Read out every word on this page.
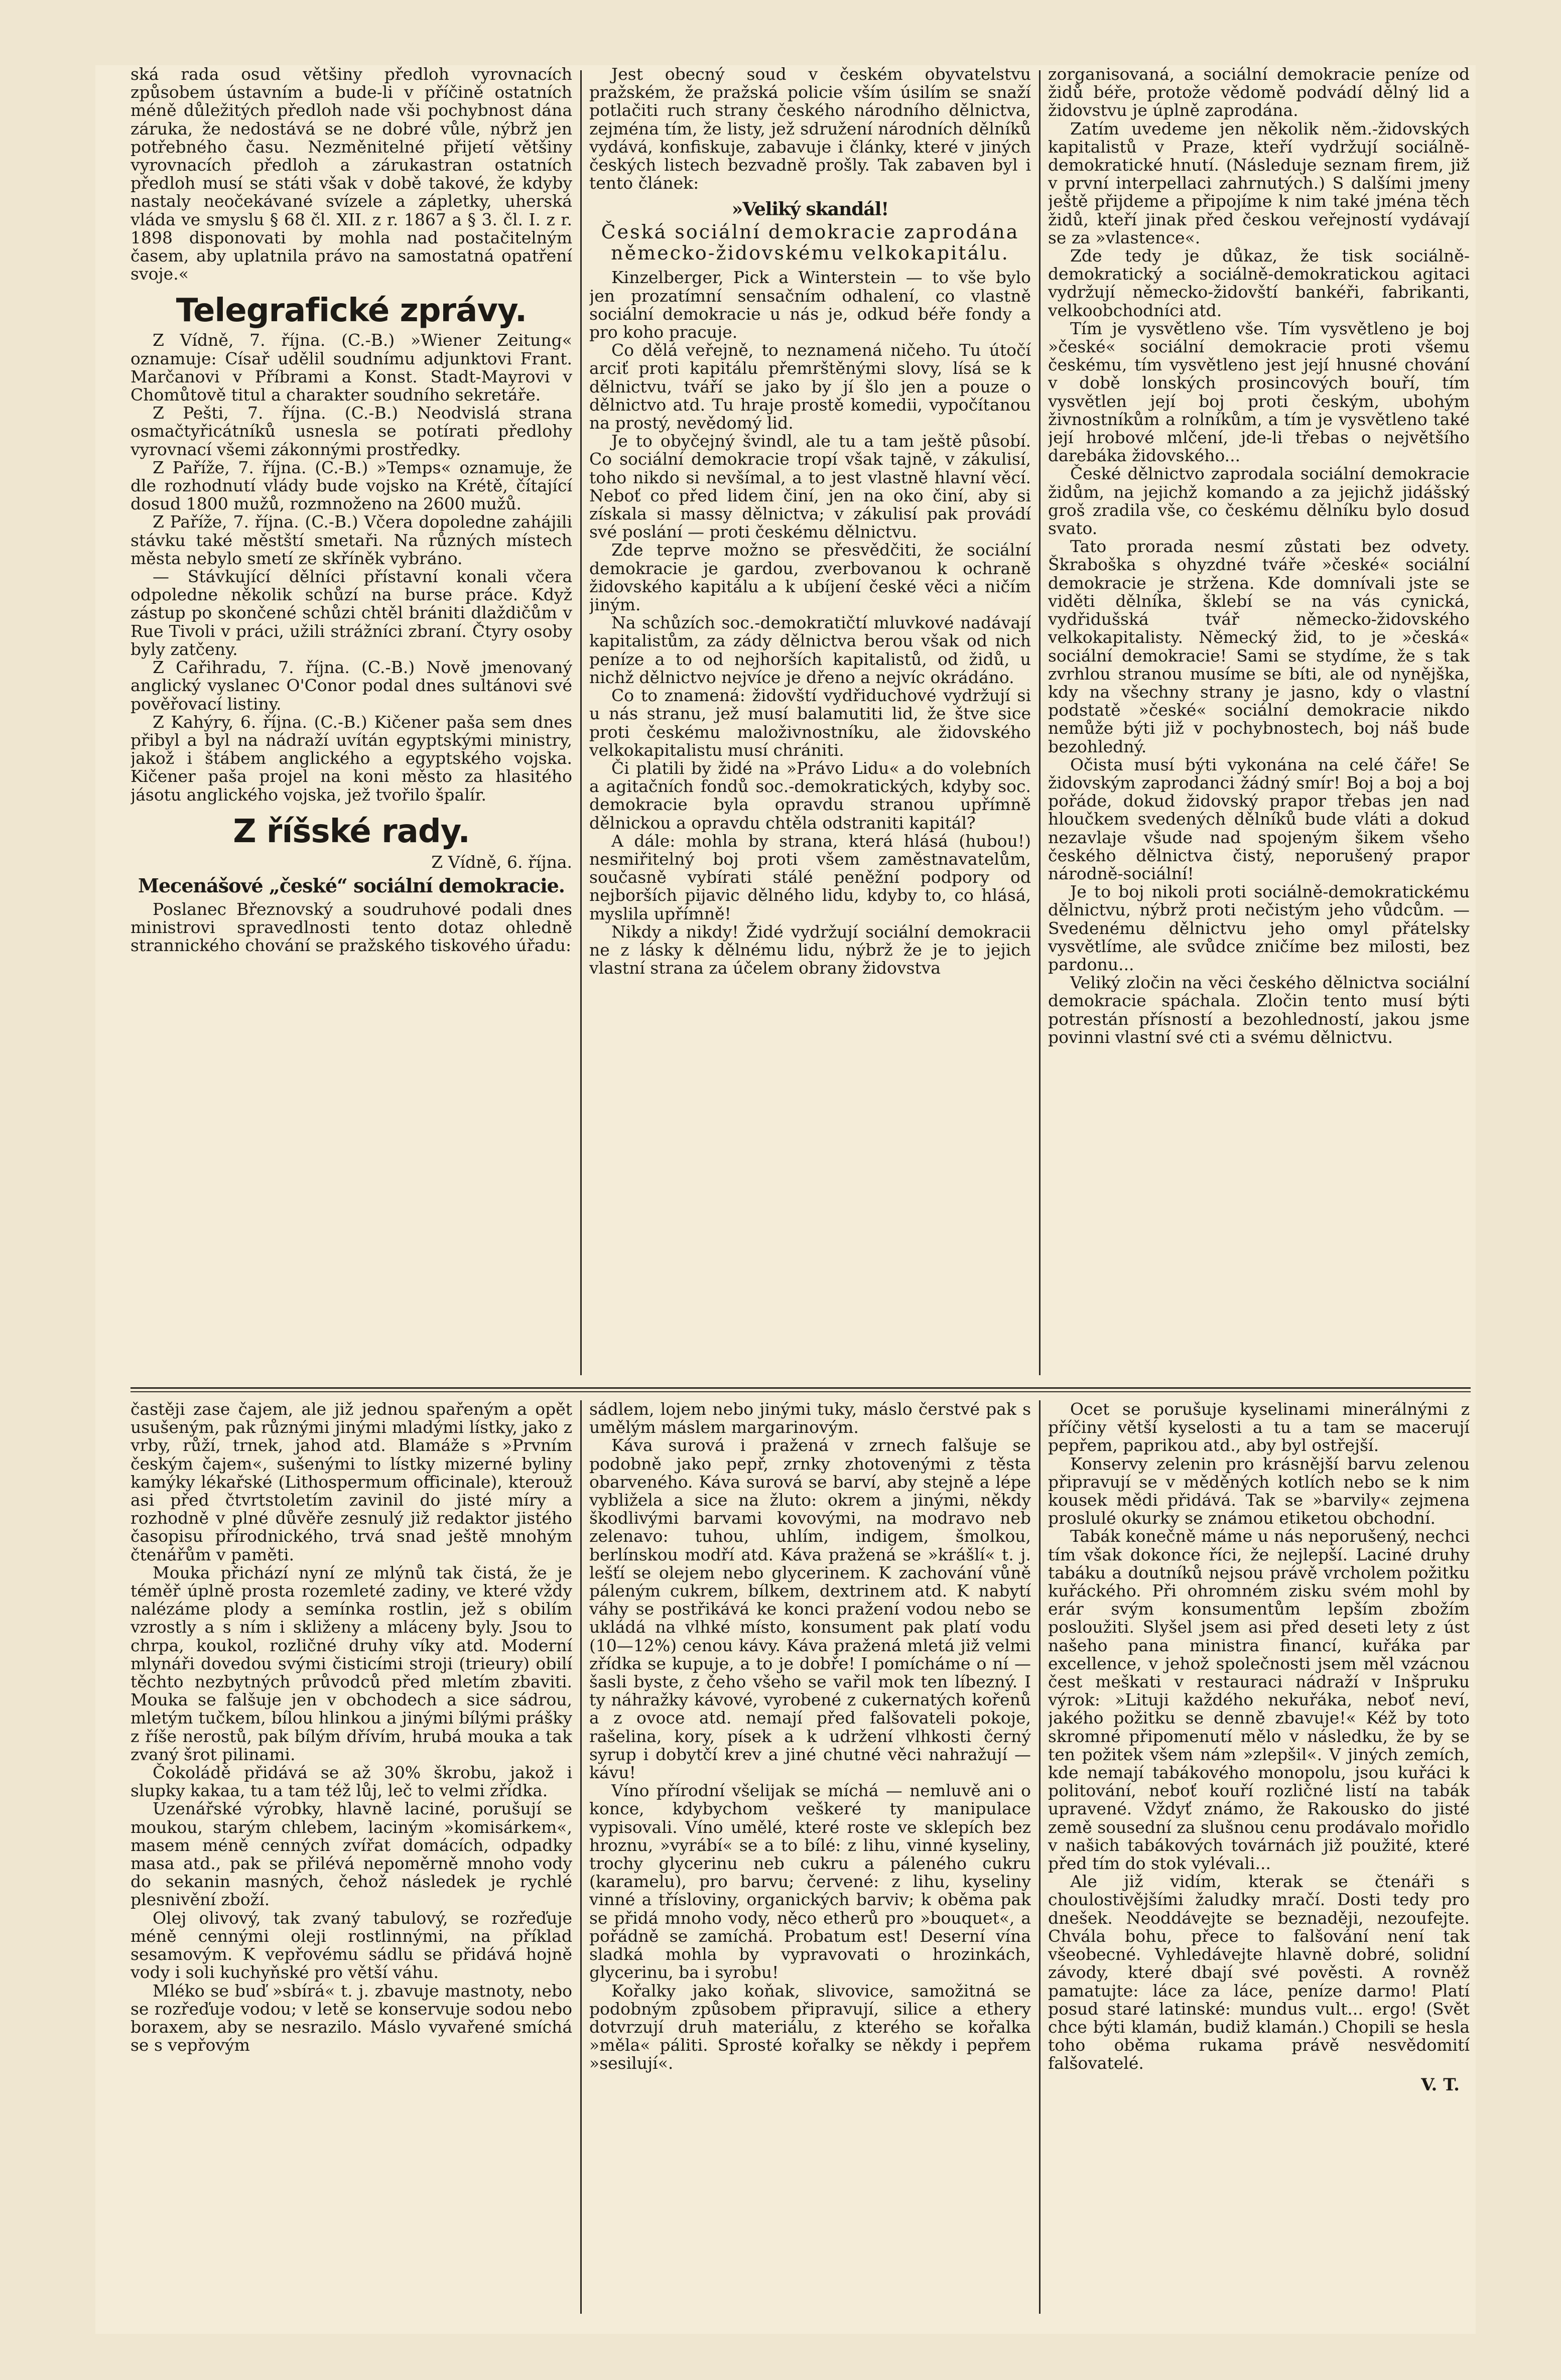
ská rada osud většiny předloh vyrovnacích způsobem ústavním a bude-li v příčině ostatních méně důležitých předloh nade vši pochybnost dána záruka, že nedostává se ne dobré vůle, nýbrž jen potřebného času. Nezměnitelné přijetí většiny vyrovnacích předloh a zárukastran ostatních předloh musí se státi však v době takové, že kdyby nastaly neočekávané svízele a zápletky, uherská vláda ve smyslu § 68 čl. XII. z r. 1867 a § 3. čl. I. z r. 1898 disponovati by mohla nad postačitelným časem, aby uplatnila právo na samostatná opatření svoje.«

Telegrafické zprávy.

Z Vídně, 7. října. (C.-B.) »Wiener Zeitung« oznamuje: Císař udělil soudnímu adjunktovi Frant. Marčanovi v Příbrami a Konst. Stadt-Mayrovi v Chomůtově titul a charakter soudního sekretáře.

Z Pešti, 7. října. (C.-B.) Neodvislá strana osmačtyřicátníků usnesla se potírati předlohy vyrovnací všemi zákonnými prostředky.

Z Paříže, 7. října. (C.-B.) »Temps« oznamuje, že dle rozhodnutí vlády bude vojsko na Krétě, čítající dosud 1800 mužů, rozmnoženo na 2600 mužů.

Z Paříže, 7. října. (C.-B.) Včera dopoledne zahájili stávku také městští smetaři. Na různých místech města nebylo smetí ze skříněk vybráno.

— Stávkující dělníci přístavní konali včera odpoledne několik schůzí na burse práce. Když zástup po skončené schůzi chtěl brániti dlaždičům v Rue Tivoli v práci, užili strážníci zbraní. Čtyry osoby byly zatčeny.

Z Cařihradu, 7. října. (C.-B.) Nově jmenovaný anglický vyslanec O'Conor podal dnes sultánovi své pověřovací listiny.

Z Kahýry, 6. října. (C.-B.) Kičener paša sem dnes přibyl a byl na nádraží uvítán egyptskými ministry, jakož i štábem anglického a egyptského vojska. Kičener paša projel na koni město za hlasitého jásotu anglického vojska, jež tvořilo špalír.

Z říšské rady.

Z Vídně, 6. října.

Mecenášové „české“ sociální demokracie.

Poslanec Březnovský a soudruhové podali dnes ministrovi spravedlnosti tento dotaz ohledně strannického chování se pražského tiskového úřadu:

Jest obecný soud v českém obyvatelstvu pražském, že pražská policie vším úsilím se snaží potlačiti ruch strany českého národního dělnictva, zejména tím, že listy, jež sdružení národních dělníků vydává, konfiskuje, zabavuje i články, které v jiných českých listech bezvadně prošly. Tak zabaven byl i tento článek:

»Veliký skandál!

Česká sociální demokracie zaprodána německo-židovskému velkokapitálu.

Kinzelberger, Pick a Winterstein — to vše bylo jen prozatímní sensačním odhalení, co vlastně sociální demokracie u nás je, odkud béře fondy a pro koho pracuje.

Co dělá veřejně, to neznamená ničeho. Tu útočí arciť proti kapitálu přemrštěnými slovy, lísá se k dělnictvu, tváří se jako by jí šlo jen a pouze o dělnictvo atd. Tu hraje prostě komedii, vypočítanou na prostý, nevědomý lid.

Je to obyčejný švindl, ale tu a tam ještě působí. Co sociální demokracie tropí však tajně, v zákulisí, toho nikdo si nevšímal, a to jest vlastně hlavní věcí. Neboť co před lidem činí, jen na oko činí, aby si získala si massy dělnictva; v zákulisí pak provádí své poslání — proti českému dělnictvu.

Zde teprve možno se přesvědčiti, že sociální demokracie je gardou, zverbovanou k ochraně židovského kapitálu a k ubíjení české věci a ničím jiným.

Na schůzích soc.-demokratičtí mluvkové nadávají kapitalistům, za zády dělnictva berou však od nich peníze a to od nejhorších kapitalistů, od židů, u nichž dělnictvo nejvíce je dřeno a nejvíc okrádáno.

Co to znamená: židovští vydřiduchové vydržují si u nás stranu, jež musí balamutiti lid, že štve sice proti českému maloživnostníku, ale židovského velkokapitalistu musí chrániti.

Či platili by židé na »Právo Lidu« a do volebních a agitačních fondů soc.-demokratických, kdyby soc. demokracie byla opravdu stranou upřímně dělnickou a opravdu chtěla odstraniti kapitál?

A dále: mohla by strana, která hlásá (hubou!) nesmiřitelný boj proti všem zaměstnavatelům, současně vybírati stálé peněžní podpory od nejborších pijavic dělného lidu, kdyby to, co hlásá, myslila upřímně!

Nikdy a nikdy! Židé vydržují sociální demokracii ne z lásky k dělnému lidu, nýbrž že je to jejich vlastní strana za účelem obrany židovstva

zorganisovaná, a sociální demokracie peníze od židů béře, protože vědomě podvádí dělný lid a židovstvu je úplně zaprodána.

Zatím uvedeme jen několik něm.-židovských kapitalistů v Praze, kteří vydržují sociálně-demokratické hnutí. (Následuje seznam firem, již v první interpellaci zahrnutých.) S dalšími jmeny ještě přijdeme a připojíme k nim také jména těch židů, kteří jinak před českou veřejností vydávají se za »vlastence«.

Zde tedy je důkaz, že tisk sociálně-demokratický a sociálně-demokratickou agitaci vydržují německo-židovští bankéři, fabrikanti, velkoobchodníci atd.

Tím je vysvětleno vše. Tím vysvětleno je boj »české« sociální demokracie proti všemu českému, tím vysvětleno jest její hnusné chování v době lonských prosincových bouří, tím vysvětlen její boj proti českým, ubohým živnostníkům a rolníkům, a tím je vysvětleno také její hrobové mlčení, jde-li třebas o největšího darebáka židovského...

České dělnictvo zaprodala sociální demokracie židům, na jejichž komando a za jejichž jidášský groš zradila vše, co českému dělníku bylo dosud svato.

Tato prorada nesmí zůstati bez odvety. Škraboška s ohyzdné tváře »české« sociální demokracie je stržena. Kde domnívali jste se viděti dělníka, šklebí se na vás cynická, vydřidušská tvář německo-židovského velkokapitalisty. Německý žid, to je »česká« sociální demokracie! Sami se stydíme, že s tak zvrhlou stranou musíme se bíti, ale od nynějška, kdy na všechny strany je jasno, kdy o vlastní podstatě »české« sociální demokracie nikdo nemůže býti již v pochybnostech, boj náš bude bezohledný.

Očista musí býti vykonána na celé čáře! Se židovským zaprodanci žádný smír! Boj a boj a boj pořáde, dokud židovský prapor třebas jen nad hloučkem svedených dělníků bude vláti a dokud nezavlaje všude nad spojeným šikem všeho českého dělnictva čistý, neporušený prapor národně-sociální!

Je to boj nikoli proti sociálně-demokratickému dělnictvu, nýbrž proti nečistým jeho vůdcům. — Svedenému dělnictvu jeho omyl přátelsky vysvětlíme, ale svůdce zničíme bez milosti, bez pardonu...

Veliký zločin na věci českého dělnictva sociální demokracie spáchala. Zločin tento musí býti potrestán přísností a bezohledností, jakou jsme povinni vlastní své cti a svému dělnictvu.

častěji zase čajem, ale již jednou spařeným a opět usušeným, pak různými jinými mladými lístky, jako z vrby, růží, trnek, jahod atd. Blamáže s »Prvním českým čajem«, sušenými to lístky mizerné byliny kamýky lékařské (Lithospermum officinale), kterouž asi před čtvrtstoletím zavinil do jisté míry a rozhodně v plné důvěře zesnulý již redaktor jistého časopisu přírodnického, trvá snad ještě mnohým čtenářům v paměti.

Mouka přichází nyní ze mlýnů tak čistá, že je téměř úplně prosta rozemleté zadiny, ve které vždy nalézáme plody a semínka rostlin, jež s obilím vzrostly a s ním i skliženy a mláceny byly. Jsou to chrpa, koukol, rozličné druhy víky atd. Moderní mlynáři dovedou svými čisticími stroji (trieury) obilí těchto nezbytných průvodců před mletím zbaviti. Mouka se falšuje jen v obchodech a sice sádrou, mletým tučkem, bílou hlinkou a jinými bílými prášky z říše nerostů, pak bílým dřívím, hrubá mouka a tak zvaný šrot pilinami.

Čokoládě přidává se až 30% škrobu, jakož i slupky kakaa, tu a tam též lůj, leč to velmi zřídka.

Uzenářské výrobky, hlavně laciné, porušují se moukou, starým chlebem, laciným »komisárkem«, masem méně cenných zvířat domácích, odpadky masa atd., pak se přilévá nepoměrně mnoho vody do sekanin masných, čehož následek je rychlé plesnivění zboží.

Olej olivový, tak zvaný tabulový, se rozřeďuje méně cennými oleji rostlinnými, na příklad sesamovým. K vepřovému sádlu se přidává hojně vody i soli kuchyňské pro větší váhu.

Mléko se buď »sbírá« t. j. zbavuje mastnoty, nebo se rozřeďuje vodou; v letě se konservuje sodou nebo boraxem, aby se nesrazilo. Máslo vyvařené smíchá se s vepřovým

sádlem, lojem nebo jinými tuky, máslo čerstvé pak s umělým máslem margarinovým.

Káva surová i pražená v zrnech falšuje se podobně jako pepř, zrnky zhotovenými z těsta obarveného. Káva surová se barví, aby stejně a lépe vybližela a sice na žluto: okrem a jinými, někdy škodlivými barvami kovovými, na modravo neb zelenavo: tuhou, uhlím, indigem, šmolkou, berlínskou modří atd. Káva pražená se »krášlí« t. j. lešťí se olejem nebo glycerinem. K zachování vůně páleným cukrem, bílkem, dextrinem atd. K nabytí váhy se postřikává ke konci pražení vodou nebo se ukládá na vlhké místo, konsument pak platí vodu (10—12%) cenou kávy. Káva pražená mletá již velmi zřídka se kupuje, a to je dobře! I pomícháme o ní — šasli byste, z čeho všeho se vařil mok ten líbezný. I ty náhražky kávové, vyrobené z cukernatých kořenů a z ovoce atd. nemají před falšovateli pokoje, rašelina, kory, písek a k udržení vlhkosti černý syrup i dobytčí krev a jiné chutné věci nahražují — kávu!

Víno přírodní všelijak se míchá — nemluvě ani o konce, kdybychom veškeré ty manipulace vypisovali. Víno umělé, které roste ve sklepích bez hroznu, »vyrábí« se a to bílé: z lihu, vinné kyseliny, trochy glycerinu neb cukru a páleného cukru (karamelu), pro barvu; červené: z lihu, kyseliny vinné a třísloviny, organických barviv; k oběma pak se přidá mnoho vody, něco etherů pro »bouquet«, a pořádně se zamíchá. Probatum est! Deserní vína sladká mohla by vypravovati o hrozinkách, glycerinu, ba i syrobu!

Kořalky jako koňak, slivovice, samožitná se podobným způsobem připravují, silice a ethery dotvrzují druh materiálu, z kterého se kořalka »měla« páliti. Sprosté kořalky se někdy i pepřem »sesilují«.

Ocet se porušuje kyselinami minerálnými z příčiny větší kyselosti a tu a tam se macerují pepřem, paprikou atd., aby byl ostřejší.

Konservy zelenin pro krásnější barvu zelenou připravují se v měděných kotlích nebo se k nim kousek mědi přidává. Tak se »barvily« zejmena proslulé okurky se známou etiketou obchodní.

Tabák konečně máme u nás neporušený, nechci tím však dokonce říci, že nejlepší. Laciné druhy tabáku a doutníků nejsou právě vrcholem požitku kuřáckého. Při ohromném zisku svém mohl by erár svým konsumentům lepším zbožím posloužiti. Slyšel jsem asi před deseti lety z úst našeho pana ministra financí, kuřáka par excellence, v jehož společnosti jsem měl vzácnou čest meškati v restauraci nádraží v Inšpruku výrok: »Lituji každého nekuřáka, neboť neví, jakého požitku se denně zbavuje!« Kéž by toto skromné připomenutí mělo v následku, že by se ten požitek všem nám »zlepšil«. V jiných zemích, kde nemají tabákového monopolu, jsou kuřáci k politování, neboť kouří rozličné listí na tabák upravené. Vždyť známo, že Rakousko do jisté země sousední za slušnou cenu prodávalo mořidlo v našich tabákových továrnách již použité, které před tím do stok vylévali...

Ale již vidím, kterak se čtenáři s choulostivějšími žaludky mračí. Dosti tedy pro dnešek. Neoddávejte se beznaději, nezoufejte. Chvála bohu, přece to falšování není tak všeobecné. Vyhledávejte hlavně dobré, solidní závody, které dbají své pověsti. A rovněž pamatujte: láce za láce, peníze darmo! Platí posud staré latinské: mundus vult... ergo! (Svět chce býti klamán, budiž klamán.) Chopili se hesla toho oběma rukama právě nesvědomití falšovatelé.

V. T.
